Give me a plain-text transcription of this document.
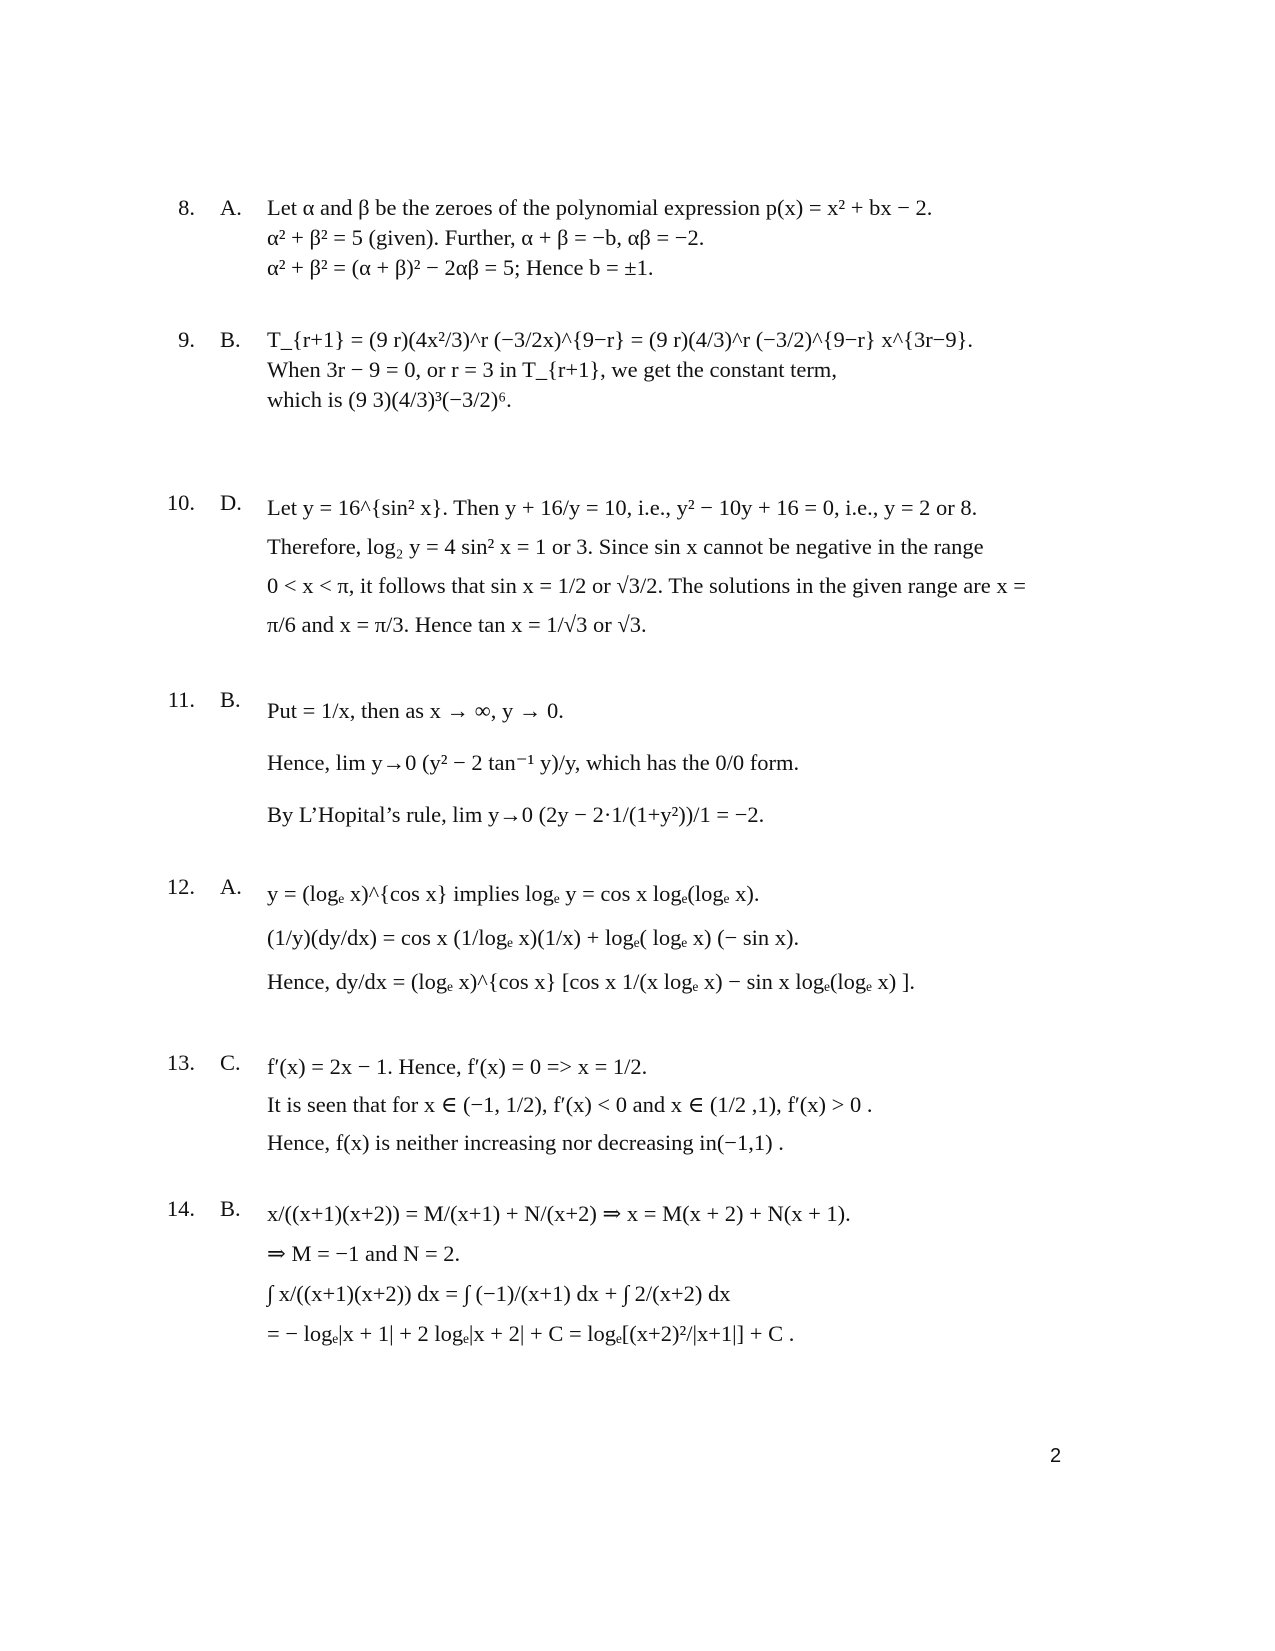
8. A. Let α and β be the zeroes of the polynomial expression p(x) = x² + bx − 2.
α² + β² = 5 (given). Further, α + β = −b, αβ = −2.
α² + β² = (α + β)² − 2αβ = 5; Hence b = ±1.
9. B. T_{r+1} = (9 r)(4x²/3)^r (−3/2x)^{9−r} = (9 r)(4/3)^r (−3/2)^{9−r} x^{3r−9}.
When 3r − 9 = 0, or r = 3 in T_{r+1}, we get the constant term,
which is (9 3)(4/3)³(−3/2)⁶.
10. D. Let y = 16^{sin² x}. Then y + 16/y = 10, i.e., y² − 10y + 16 = 0, i.e., y = 2 or 8.
Therefore, log₂ y = 4 sin² x = 1 or 3. Since sin x cannot be negative in the range
0 < x < π, it follows that sin x = 1/2 or √3/2. The solutions in the given range are x =
π/6 and x = π/3. Hence tan x = 1/√3 or √3.
11. B. Put = 1/x, then as x → ∞, y → 0.
Hence, lim y→0 (y² − 2 tan⁻¹ y)/y, which has the 0/0 form.
By L’Hopital’s rule, lim y→0 (2y − 2·1/(1+y²))/1 = −2.
12. A. y = (logₑ x)^{cos x} implies logₑ y = cos x logₑ(logₑ x).
(1/y)(dy/dx) = cos x (1/logₑ x)(1/x) + logₑ( logₑ x) (− sin x).
Hence, dy/dx = (logₑ x)^{cos x} [cos x 1/(x logₑ x) − sin x logₑ(logₑ x) ].
13. C. f′(x) = 2x − 1. Hence, f′(x) = 0 => x = 1/2.
It is seen that for x ∈ (−1, 1/2), f′(x) < 0 and x ∈ (1/2 ,1), f′(x) > 0 .
Hence, f(x) is neither increasing nor decreasing in(−1,1) .
14. B. x/((x+1)(x+2)) = M/(x+1) + N/(x+2) ⇒ x = M(x + 2) + N(x + 1).
⇒ M = −1 and N = 2.
∫ x/((x+1)(x+2)) dx = ∫ (−1)/(x+1) dx + ∫ 2/(x+2) dx
= − logₑ|x + 1| + 2 logₑ|x + 2| + C = logₑ[(x+2)²/|x+1|] + C .
2
